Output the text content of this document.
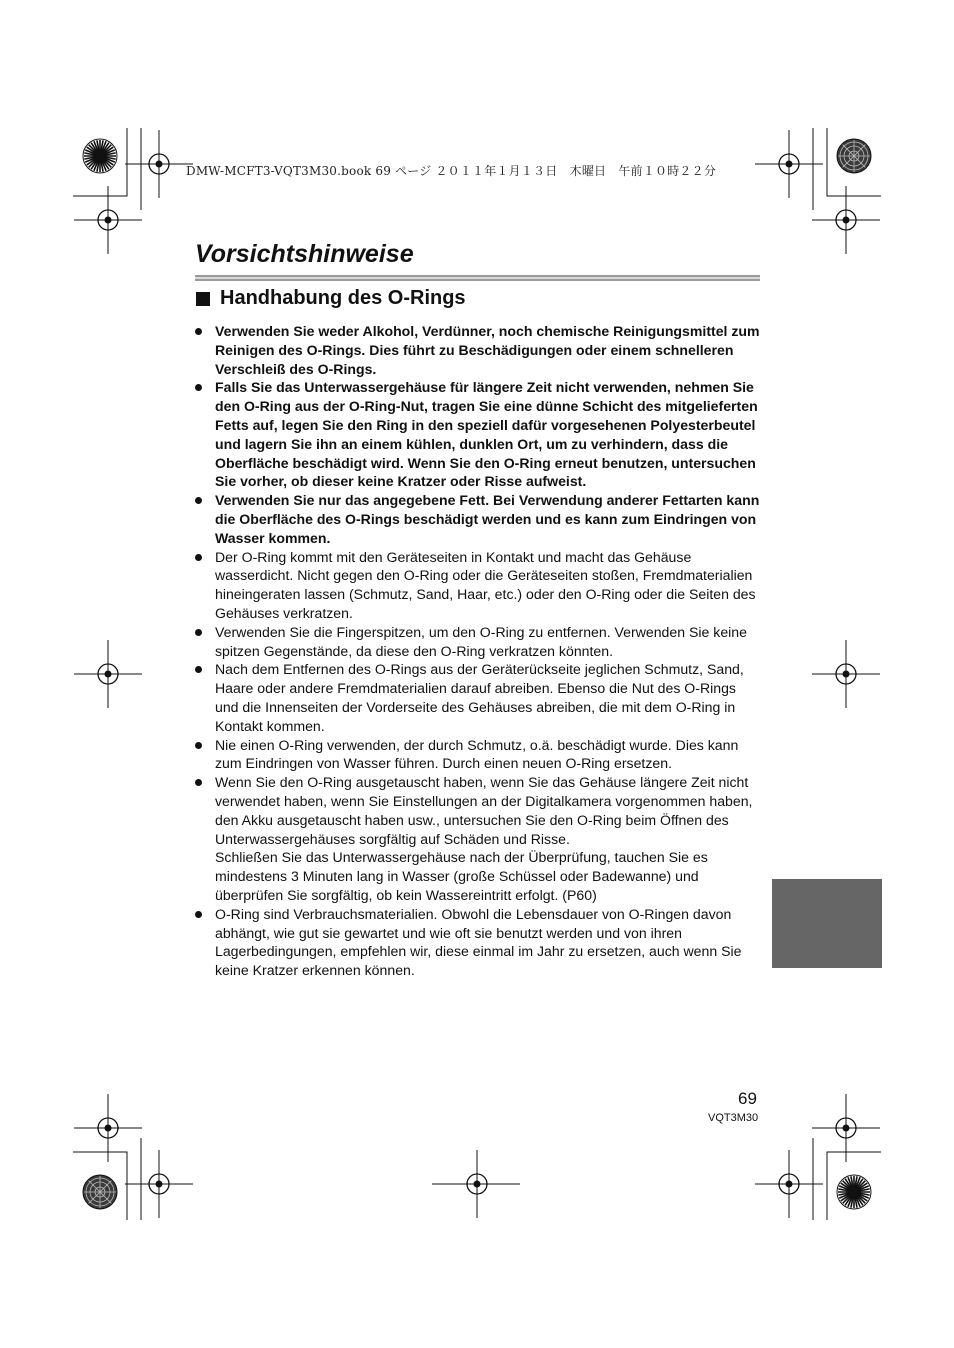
DMW-MCFT3-VQT3M30.book 69 ページ ２０１１年１月１３日　木曜日　午前１０時２２分
Vorsichtshinweise
Handhabung des O-Rings

Verwenden Sie weder Alkohol, Verdünner, noch chemische Reinigungsmittel zum Reinigen des O-Rings. Dies führt zu Beschädigungen oder einem schnelleren Verschleiß des O-Rings.

Falls Sie das Unterwassergehäuse für längere Zeit nicht verwenden, nehmen Sie den O-Ring aus der O-Ring-Nut, tragen Sie eine dünne Schicht des mitgelieferten Fetts auf, legen Sie den Ring in den speziell dafür vorgesehenen Polyesterbeutel und lagern Sie ihn an einem kühlen, dunklen Ort, um zu verhindern, dass die Oberfläche beschädigt wird. Wenn Sie den O-Ring erneut benutzen, untersuchen Sie vorher, ob dieser keine Kratzer oder Risse aufweist.

Verwenden Sie nur das angegebene Fett. Bei Verwendung anderer Fettarten kann die Oberfläche des O-Rings beschädigt werden und es kann zum Eindringen von Wasser kommen.

Der O-Ring kommt mit den Geräteseiten in Kontakt und macht das Gehäuse wasserdicht. Nicht gegen den O-Ring oder die Geräteseiten stoßen, Fremdmaterialien hineingeraten lassen (Schmutz, Sand, Haar, etc.) oder den O-Ring oder die Seiten des Gehäuses verkratzen.

Verwenden Sie die Fingerspitzen, um den O-Ring zu entfernen. Verwenden Sie keine spitzen Gegenstände, da diese den O-Ring verkratzen könnten.

Nach dem Entfernen des O-Rings aus der Geräterückseite jeglichen Schmutz, Sand, Haare oder andere Fremdmaterialien darauf abreiben. Ebenso die Nut des O-Rings und die Innenseiten der Vorderseite des Gehäuses abreiben, die mit dem O-Ring in Kontakt kommen.

Nie einen O-Ring verwenden, der durch Schmutz, o.ä. beschädigt wurde. Dies kann zum Eindringen von Wasser führen. Durch einen neuen O-Ring ersetzen.

Wenn Sie den O-Ring ausgetauscht haben, wenn Sie das Gehäuse längere Zeit nicht verwendet haben, wenn Sie Einstellungen an der Digitalkamera vorgenommen haben, den Akku ausgetauscht haben usw., untersuchen Sie den O-Ring beim Öffnen des Unterwassergehäuses sorgfältig auf Schäden und Risse.

Schließen Sie das Unterwassergehäuse nach der Überprüfung, tauchen Sie es mindestens 3 Minuten lang in Wasser (große Schüssel oder Badewanne) und überprüfen Sie sorgfältig, ob kein Wassereintritt erfolgt. (P60)

O-Ring sind Verbrauchsmaterialien. Obwohl die Lebensdauer von O-Ringen davon abhängt, wie gut sie gewartet und wie oft sie benutzt werden und von ihren Lagerbedingungen, empfehlen wir, diese einmal im Jahr zu ersetzen, auch wenn Sie keine Kratzer erkennen können.

69
VQT3M30
